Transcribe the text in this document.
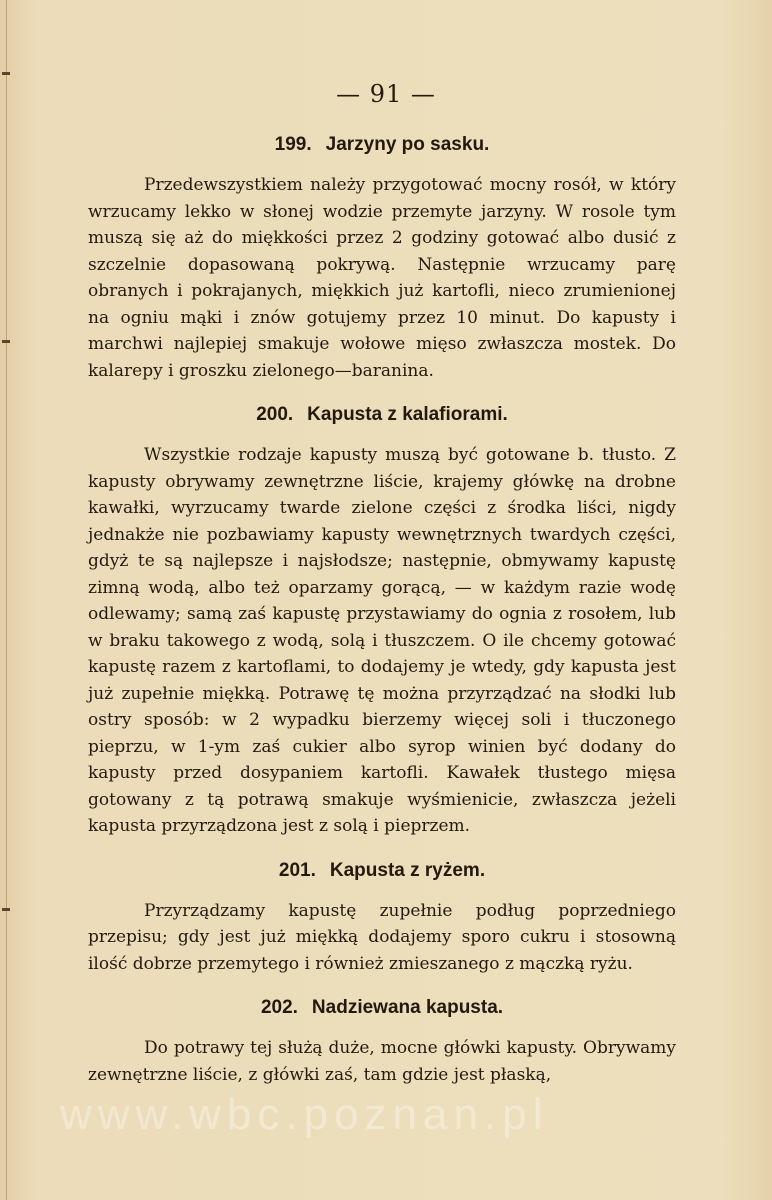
— 91 —
199. Jarzyny po sasku.

Przedewszystkiem należy przygotować mocny rosół, w który wrzucamy lekko w słonej wodzie przemyte jarzyny. W rosole tym muszą się aż do miękkości przez 2 godziny gotować albo dusić z szczelnie dopasowaną pokrywą. Następnie wrzucamy parę obranych i pokrajanych, miękkich już kartofli, nieco zrumienionej na ogniu mąki i znów gotujemy przez 10 minut. Do kapusty i marchwi najlepiej smakuje wołowe mięso zwłaszcza mostek. Do kalarepy i groszku zielonego—baranina.

200. Kapusta z kalafiorami.

Wszystkie rodzaje kapusty muszą być gotowane b. tłusto. Z kapusty obrywamy zewnętrzne liście, krajemy główkę na drobne kawałki, wyrzucamy twarde zielone części z środka liści, nigdy jednakże nie pozbawiamy kapusty wewnętrznych twardych części, gdyż te są najlepsze i najsłodsze; następnie, obmywamy kapustę zimną wodą, albo też oparzamy gorącą, — w każdym razie wodę odlewamy; samą zaś kapustę przystawiamy do ognia z rosołem, lub w braku takowego z wodą, solą i tłuszczem. O ile chcemy gotować kapustę razem z kartoflami, to dodajemy je wtedy, gdy kapusta jest już zupełnie miękką. Potrawę tę można przyrządzać na słodki lub ostry sposób: w 2 wypadku bierzemy więcej soli i tłuczonego pieprzu, w 1-ym zaś cukier albo syrop winien być dodany do kapusty przed dosypaniem kartofli. Kawałek tłustego mięsa gotowany z tą potrawą smakuje wyśmienicie, zwłaszcza jeżeli kapusta przyrządzona jest z solą i pieprzem.

201. Kapusta z ryżem.

Przyrządzamy kapustę zupełnie podług poprzedniego przepisu; gdy jest już miękką dodajemy sporo cukru i stosowną ilość dobrze przemytego i również zmieszanego z mączką ryżu.

202. Nadziewana kapusta.

Do potrawy tej służą duże, mocne główki kapusty. Obrywamy zewnętrzne liście, z główki zaś, tam gdzie jest płaską,

www.wbc.poznan.pl
